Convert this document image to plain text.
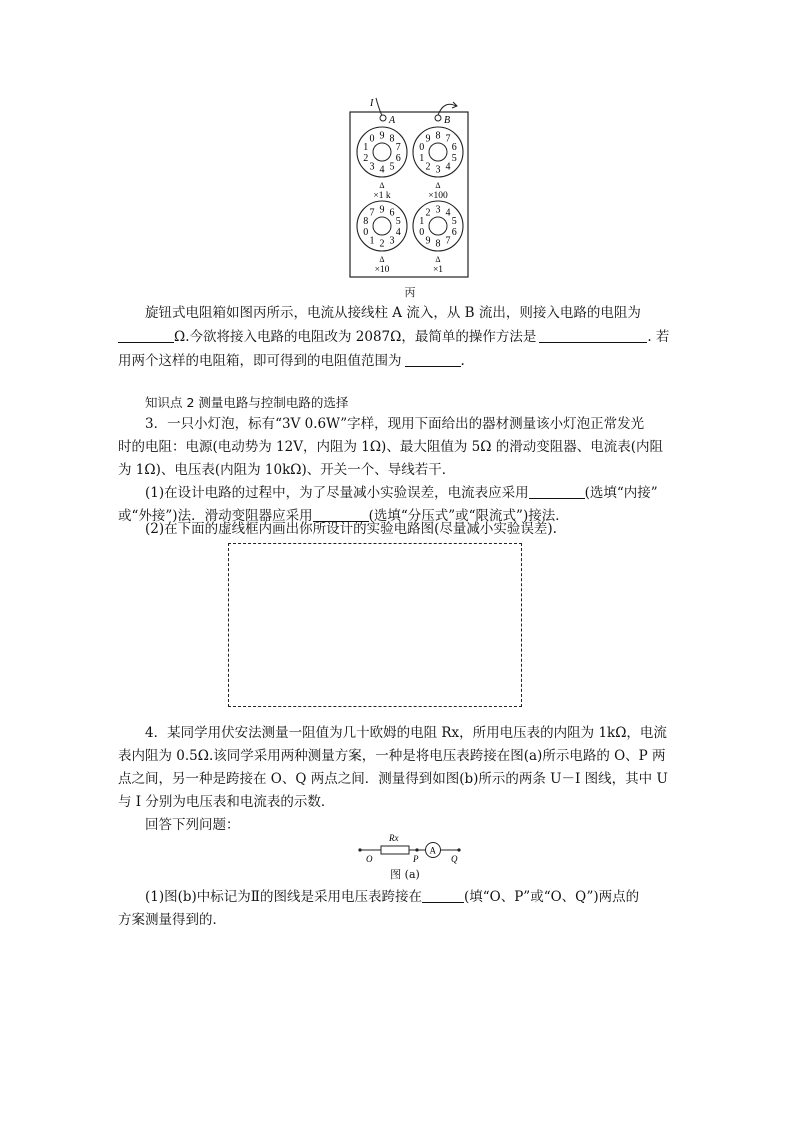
I
A	B
9 8
7
6
5
4
3
2
1
0
Δ
×1 k
8 7
6
5
4
3
2
1
0
9
Δ
×100
9 6
5
4
3
2
1
0
8
7
Δ
×10
3 4
5
6
7
8
9
0
1
2
Δ
×1
丙
旋钮式电阻箱如图丙所示，电流从接线柱 A 流入，从 B 流出，则接入电路的电阻为
Ω.今欲将接入电路的电阻改为 2087Ω，最简单的操作方法是	. 若
用两个这样的电阻箱，即可得到的电阻值范围为	.
知识点 2 测量电路与控制电路的选择
3．一只小灯泡，标有“3V 0.6W”字样，现用下面给出的器材测量该小灯泡正常发光
时的电阻：电源(电动势为 12V，内阻为 1Ω)、最大阻值为 5Ω 的滑动变阻器、电流表(内阻
为 1Ω)、电压表(内阻为 10kΩ)、开关一个、导线若干．
(1)在设计电路的过程中，为了尽量减小实验误差，电流表应采用	(选填“内接”
或“外接”)法．滑动变阻器应采用	(选填“分压式”或“限流式”)接法．
(2)在下面的虚线框内画出你所设计的实验电路图(尽量减小实验误差).
4．某同学用伏安法测量一阻值为几十欧姆的电阻 Rx，所用电压表的内阻为 1kΩ，电流
表内阻为 0.5Ω.该同学采用两种测量方案，一种是将电压表跨接在图(a)所示电路的 O、P 两
点之间，另一种是跨接在 O、Q 两点之间．测量得到如图(b)所示的两条 U－I 图线，其中 U
与 I 分别为电压表和电流表的示数．
回答下列问题：
A
Rx
O	P	Q
图 (a)
(1)图(b)中标记为Ⅱ的图线是采用电压表跨接在	(填“O、P”或“O、Q”)两点的
方案测量得到的．
